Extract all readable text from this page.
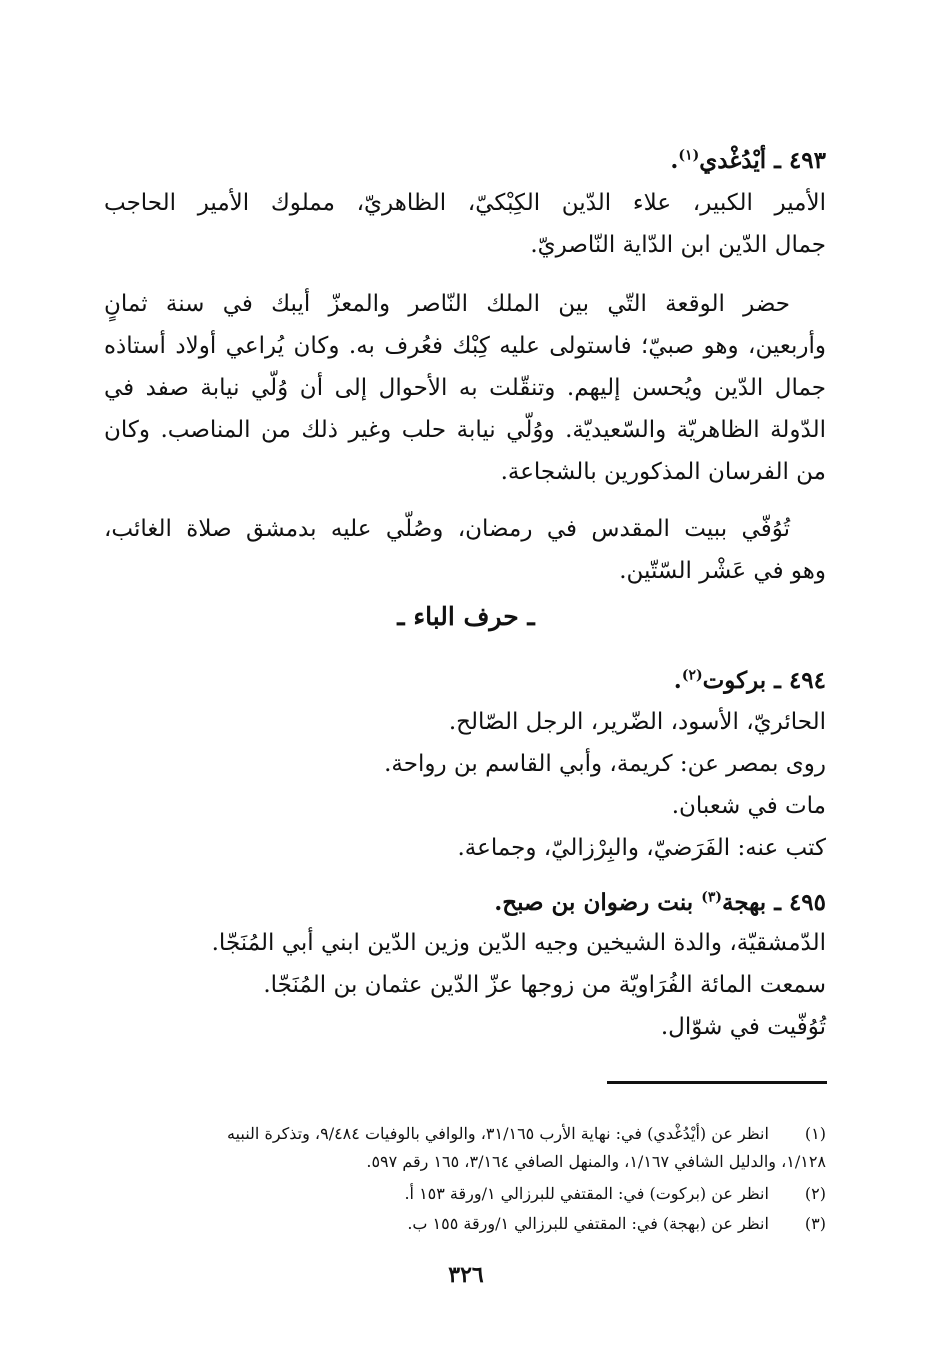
٤٩٣ ـ أيْدُغْدي$^{(١)}$.
الأمير الكبير، علاء الدّين الكِبْكيّ، الظاهريّ، مملوك الأمير الحاجب
جمال الدّين ابن الدّاية النّاصريّ.
حضر الوقعة التّي بين الملك النّاصر والمعزّ أيبك في سنة ثمانٍ
وأربعين، وهو صبيّ؛ فاستولى عليه كِبْك فعُرف به. وكان يُراعي أولاد أستاذه
جمال الدّين ويُحسن إليهم. وتنقّلت به الأحوال إلى أن وُلّي نيابة صفد في
الدّولة الظاهريّة والسّعيديّة. ووُلّي نيابة حلب وغير ذلك من المناصب. وكان
من الفرسان المذكورين بالشجاعة.
تُوُفّي ببيت المقدس في رمضان، وصُلّي عليه بدمشق صلاة الغائب،
وهو في عَشْر السّتّين.
ـ حرف الباء ـ
٤٩٤ ـ بركوت$^{(٢)}$.
الحائريّ، الأسود، الضّرير، الرجل الصّالح.
روى بمصر عن: كريمة، وأبي القاسم بن رواحة.
مات في شعبان.
كتب عنه: الفَرَضيّ، والبِرْزاليّ، وجماعة.
٤٩٥ ـ بهجة$^{(٣)}$ بنت رضوان بن صبح.
الدّمشقيّة، والدة الشيخين وجيه الدّين وزين الدّين ابني أبي المُنَجّا.
سمعت المائة الفُرَاويّة من زوجها عزّ الدّين عثمان بن المُنَجّا.
تُوُفّيت في شوّال.
(١) انظر عن (أيْدُغْدي) في: نهاية الأرب ٣١/١٦٥، والوافي بالوفيات ٩/٤٨٤، وتذكرة النبيه
١/١٢٨، والدليل الشافي ١/١٦٧، والمنهل الصافي ٣/١٦٤، ١٦٥ رقم ٥٩٧.
(٢) انظر عن (بركوت) في: المقتفي للبرزالي ١/ورقة ١٥٣ أ.
(٣) انظر عن (بهجة) في: المقتفي للبرزالي ١/ورقة ١٥٥ ب.
٣٢٦
